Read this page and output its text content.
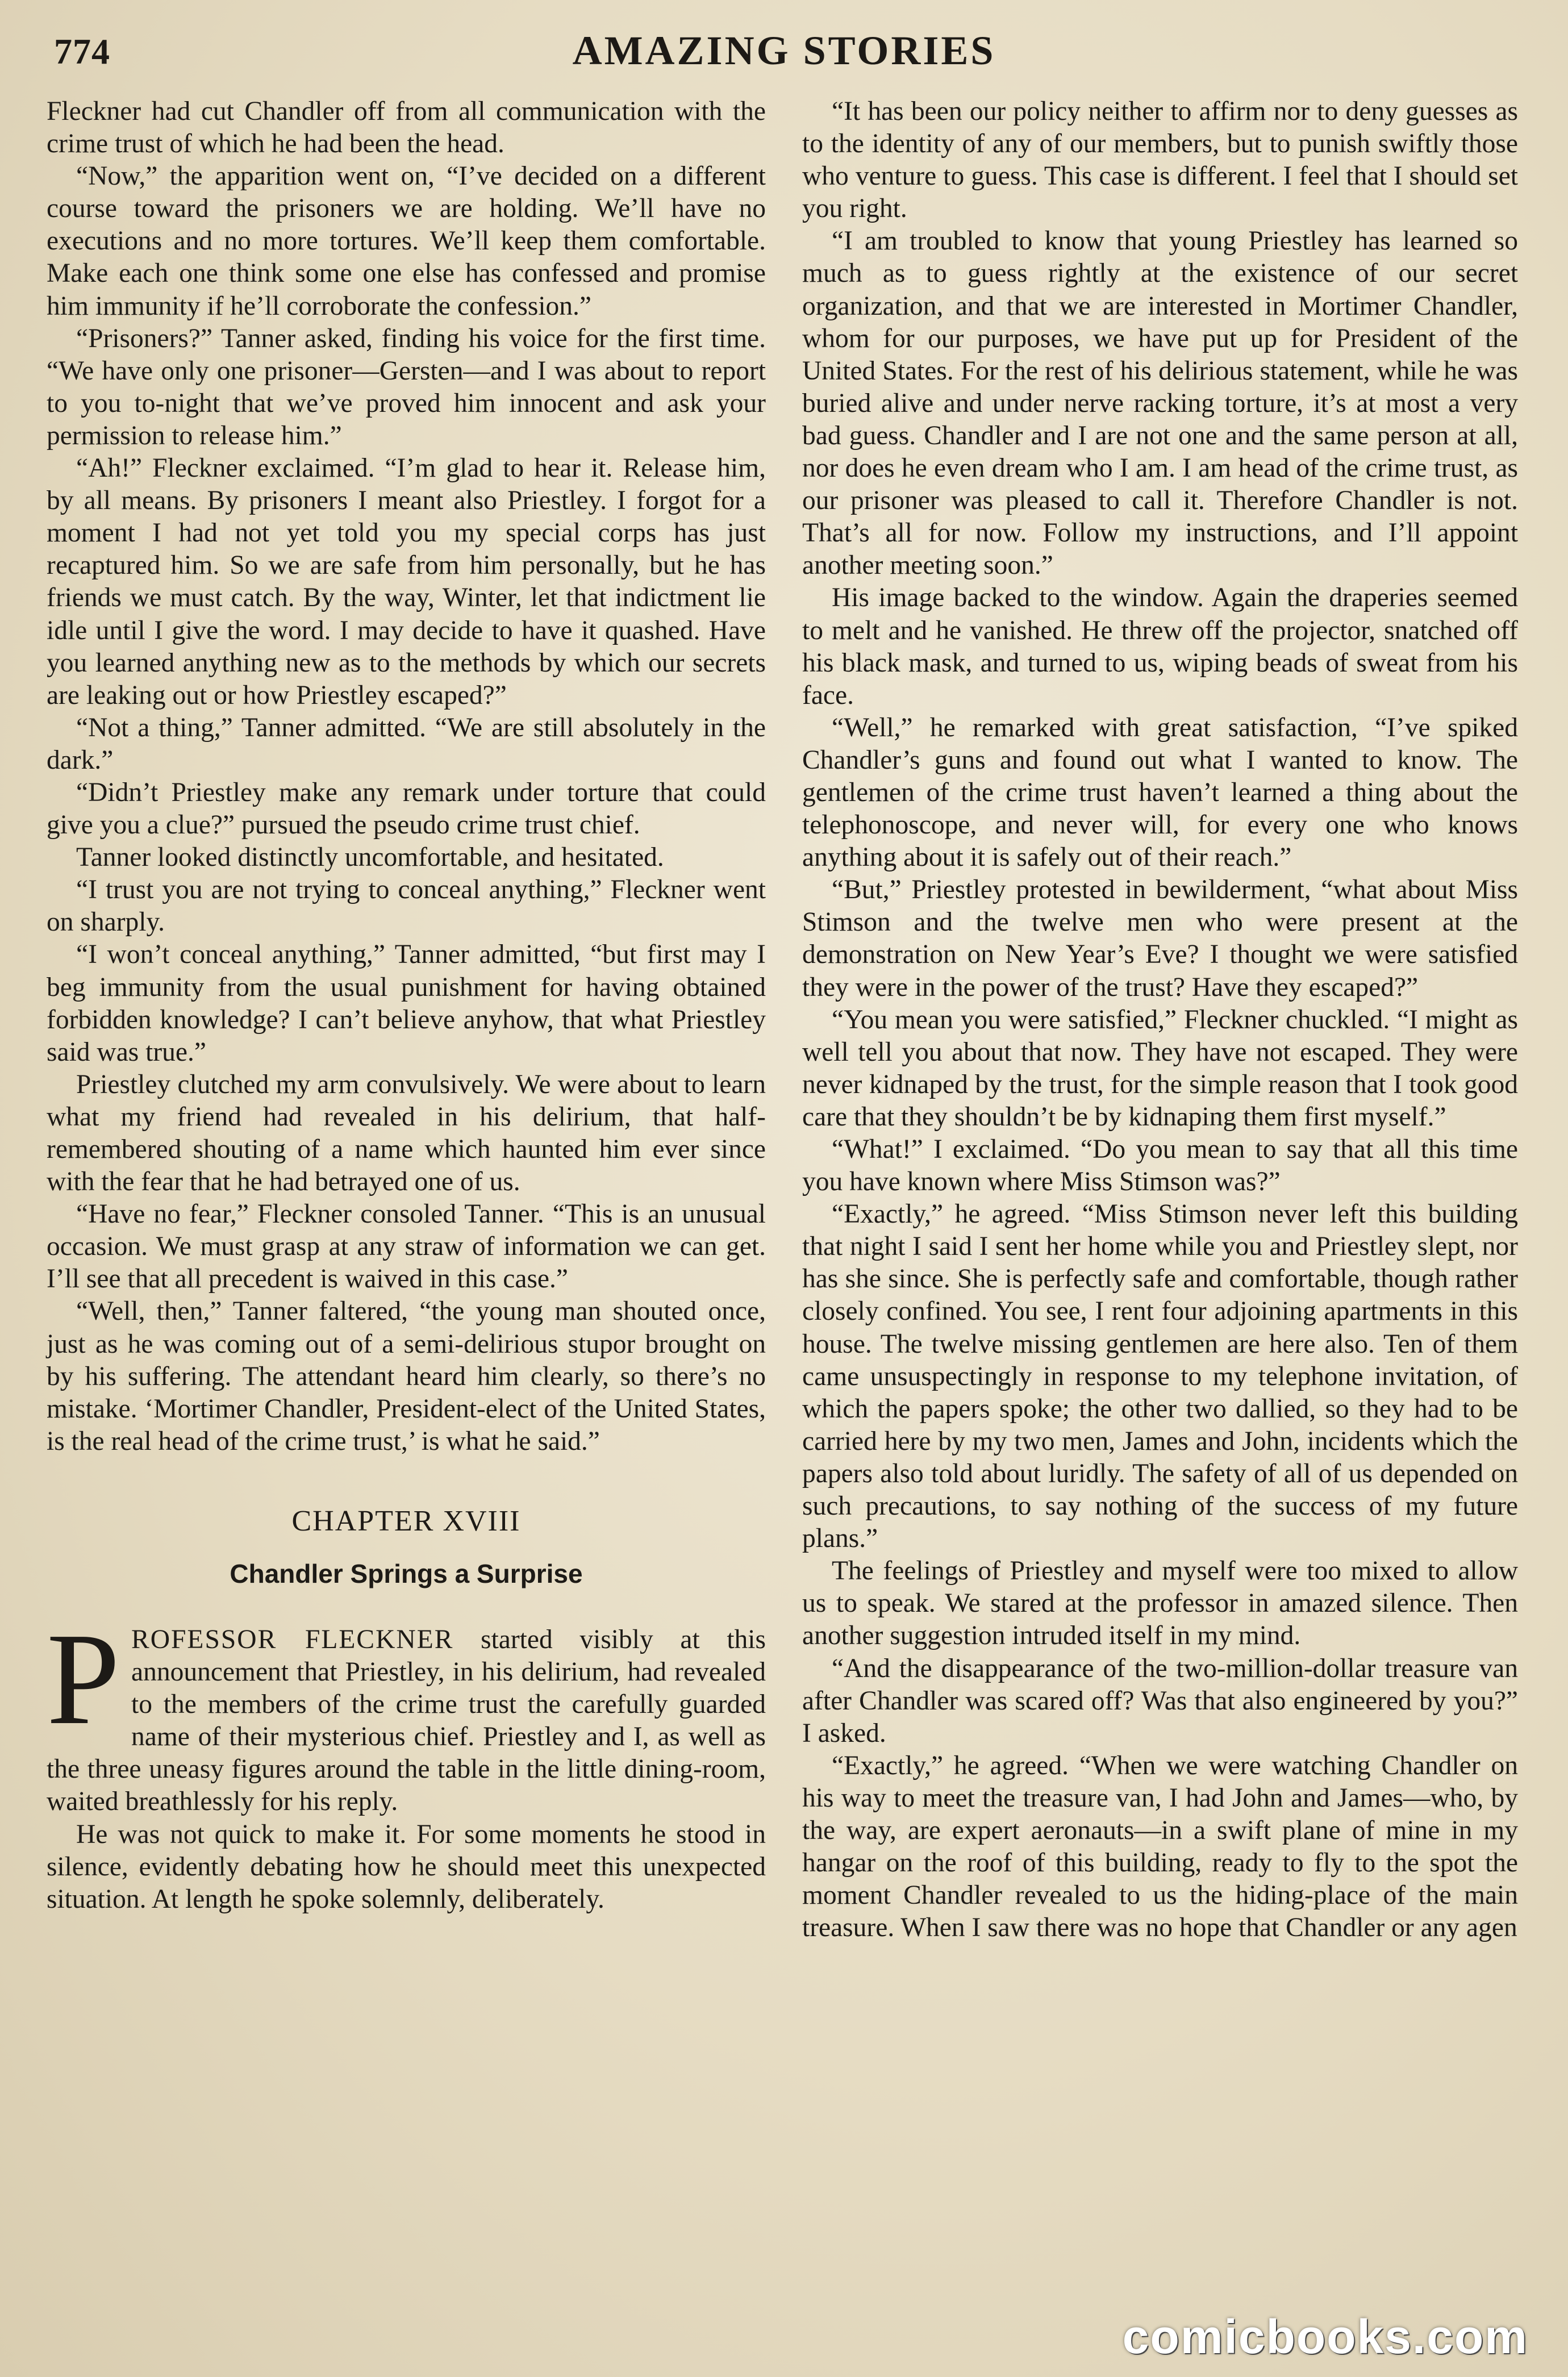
774	AMAZING STORIES

Fleckner had cut Chandler off from all communication with the crime trust of which he had been the head.

“Now,” the apparition went on, “I’ve decided on a different course toward the prisoners we are holding. We’ll have no executions and no more tortures. We’ll keep them comfortable. Make each one think some one else has confessed and promise him immunity if he’ll corroborate the confession.”

“Prisoners?” Tanner asked, finding his voice for the first time. “We have only one prisoner—Gersten—and I was about to report to you to-night that we’ve proved him innocent and ask your permission to release him.”

“Ah!” Fleckner exclaimed. “I’m glad to hear it. Release him, by all means. By prisoners I meant also Priestley. I forgot for a moment I had not yet told you my special corps has just recaptured him. So we are safe from him personally, but he has friends we must catch. By the way, Winter, let that indictment lie idle until I give the word. I may decide to have it quashed. Have you learned anything new as to the methods by which our secrets are leaking out or how Priestley escaped?”

“Not a thing,” Tanner admitted. “We are still absolutely in the dark.”

“Didn’t Priestley make any remark under torture that could give you a clue?” pursued the pseudo crime trust chief.

Tanner looked distinctly uncomfortable, and hesitated.

“I trust you are not trying to conceal anything,” Fleckner went on sharply.

“I won’t conceal anything,” Tanner admitted, “but first may I beg immunity from the usual punishment for having obtained forbidden knowledge? I can’t believe anyhow, that what Priestley said was true.”

Priestley clutched my arm convulsively. We were about to learn what my friend had revealed in his delirium, that half-remembered shouting of a name which haunted him ever since with the fear that he had betrayed one of us.

“Have no fear,” Fleckner consoled Tanner. “This is an unusual occasion. We must grasp at any straw of information we can get. I’ll see that all precedent is waived in this case.”

“Well, then,” Tanner faltered, “the young man shouted once, just as he was coming out of a semi-delirious stupor brought on by his suffering. The attendant heard him clearly, so there’s no mistake. ‘Mortimer Chandler, President-elect of the United States, is the real head of the crime trust,’ is what he said.”

CHAPTER XVIII
Chandler Springs a Surprise

PROFESSOR FLECKNER started visibly at this announcement that Priestley, in his delirium, had revealed to the members of the crime trust the carefully guarded name of their mysterious chief. Priestley and I, as well as the three uneasy figures around the table in the little dining-room, waited breathlessly for his reply.

He was not quick to make it. For some moments he stood in silence, evidently debating how he should meet this unexpected situation. At length he spoke solemnly, deliberately.

“It has been our policy neither to affirm nor to deny guesses as to the identity of any of our members, but to punish swiftly those who venture to guess. This case is different. I feel that I should set you right.

“I am troubled to know that young Priestley has learned so much as to guess rightly at the existence of our secret organization, and that we are interested in Mortimer Chandler, whom for our purposes, we have put up for President of the United States. For the rest of his delirious statement, while he was buried alive and under nerve racking torture, it’s at most a very bad guess. Chandler and I are not one and the same person at all, nor does he even dream who I am. I am head of the crime trust, as our prisoner was pleased to call it. Therefore Chandler is not. That’s all for now. Follow my instructions, and I’ll appoint another meeting soon.”

His image backed to the window. Again the draperies seemed to melt and he vanished. He threw off the projector, snatched off his black mask, and turned to us, wiping beads of sweat from his face.

“Well,” he remarked with great satisfaction, “I’ve spiked Chandler’s guns and found out what I wanted to know. The gentlemen of the crime trust haven’t learned a thing about the telephonoscope, and never will, for every one who knows anything about it is safely out of their reach.”

“But,” Priestley protested in bewilderment, “what about Miss Stimson and the twelve men who were present at the demonstration on New Year’s Eve? I thought we were satisfied they were in the power of the trust? Have they escaped?”

“You mean you were satisfied,” Fleckner chuckled. “I might as well tell you about that now. They have not escaped. They were never kidnaped by the trust, for the simple reason that I took good care that they shouldn’t be by kidnaping them first myself.”

“What!” I exclaimed. “Do you mean to say that all this time you have known where Miss Stimson was?”

“Exactly,” he agreed. “Miss Stimson never left this building that night I said I sent her home while you and Priestley slept, nor has she since. She is perfectly safe and comfortable, though rather closely confined. You see, I rent four adjoining apartments in this house. The twelve missing gentlemen are here also. Ten of them came unsuspectingly in response to my telephone invitation, of which the papers spoke; the other two dallied, so they had to be carried here by my two men, James and John, incidents which the papers also told about luridly. The safety of all of us depended on such precautions, to say nothing of the success of my future plans.”

The feelings of Priestley and myself were too mixed to allow us to speak. We stared at the professor in amazed silence. Then another suggestion intruded itself in my mind.

“And the disappearance of the two-million-dollar treasure van after Chandler was scared off? Was that also engineered by you?” I asked.

“Exactly,” he agreed. “When we were watching Chandler on his way to meet the treasure van, I had John and James—who, by the way, are expert aeronauts—in a swift plane of mine in my hangar on the roof of this building, ready to fly to the spot the moment Chandler revealed to us the hiding-place of the main treasure. When I saw there was no hope that Chandler or any agen

comicbooks.com
